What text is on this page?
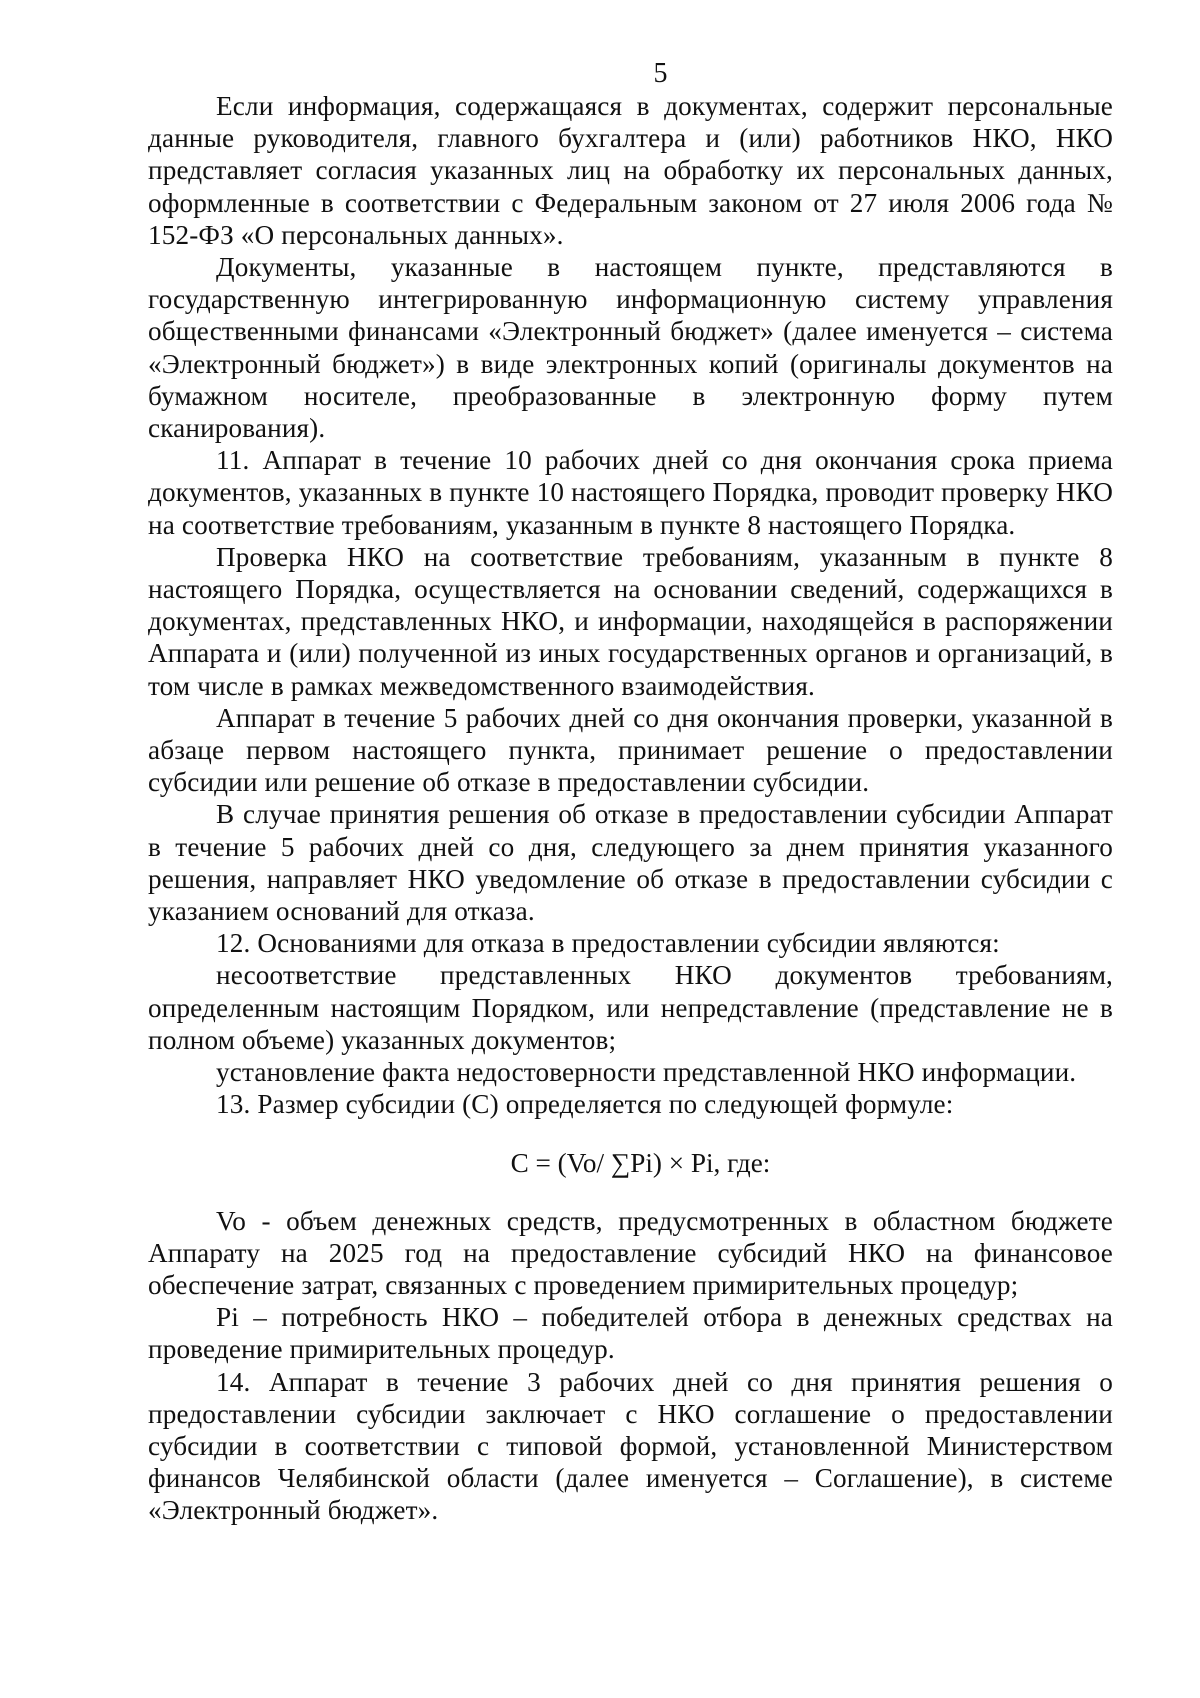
5

Если информация, содержащаяся в документах, содержит персональные данные руководителя, главного бухгалтера и (или) работников НКО, НКО представляет согласия указанных лиц на обработку их персональных данных, оформленные в соответствии с Федеральным законом от 27 июля 2006 года № 152-ФЗ «О персональных данных».

Документы, указанные в настоящем пункте, представляются в государственную интегрированную информационную систему управления общественными финансами «Электронный бюджет» (далее именуется – система «Электронный бюджет») в виде электронных копий (оригиналы документов на бумажном носителе, преобразованные в электронную форму путем сканирования).

11. Аппарат в течение 10 рабочих дней со дня окончания срока приема документов, указанных в пункте 10 настоящего Порядка, проводит проверку НКО на соответствие требованиям, указанным в пункте 8 настоящего Порядка.

Проверка НКО на соответствие требованиям, указанным в пункте 8 настоящего Порядка, осуществляется на основании сведений, содержащихся в документах, представленных НКО, и информации, находящейся в распоряжении Аппарата и (или) полученной из иных государственных органов и организаций, в том числе в рамках межведомственного взаимодействия.

Аппарат в течение 5 рабочих дней со дня окончания проверки, указанной в абзаце первом настоящего пункта, принимает решение о предоставлении субсидии или решение об отказе в предоставлении субсидии.

В случае принятия решения об отказе в предоставлении субсидии Аппарат в течение 5 рабочих дней со дня, следующего за днем принятия указанного решения, направляет НКО уведомление об отказе в предоставлении субсидии с указанием оснований для отказа.

12. Основаниями для отказа в предоставлении субсидии являются:

несоответствие представленных НКО документов требованиям, определенным настоящим Порядком, или непредставление (представление не в полном объеме) указанных документов;

установление факта недостоверности представленной НКО информации.

13. Размер субсидии (С) определяется по следующей формуле:

С = (Vo/ ∑Pi) × Pi, где:

Vo - объем денежных средств, предусмотренных в областном бюджете Аппарату на 2025 год на предоставление субсидий НКО на финансовое обеспечение затрат, связанных с проведением примирительных процедур;

Pi – потребность НКО – победителей отбора в денежных средствах на проведение примирительных процедур.

14. Аппарат в течение 3 рабочих дней со дня принятия решения о предоставлении субсидии заключает с НКО соглашение о предоставлении субсидии в соответствии с типовой формой, установленной Министерством финансов Челябинской области (далее именуется – Соглашение), в системе «Электронный бюджет».
